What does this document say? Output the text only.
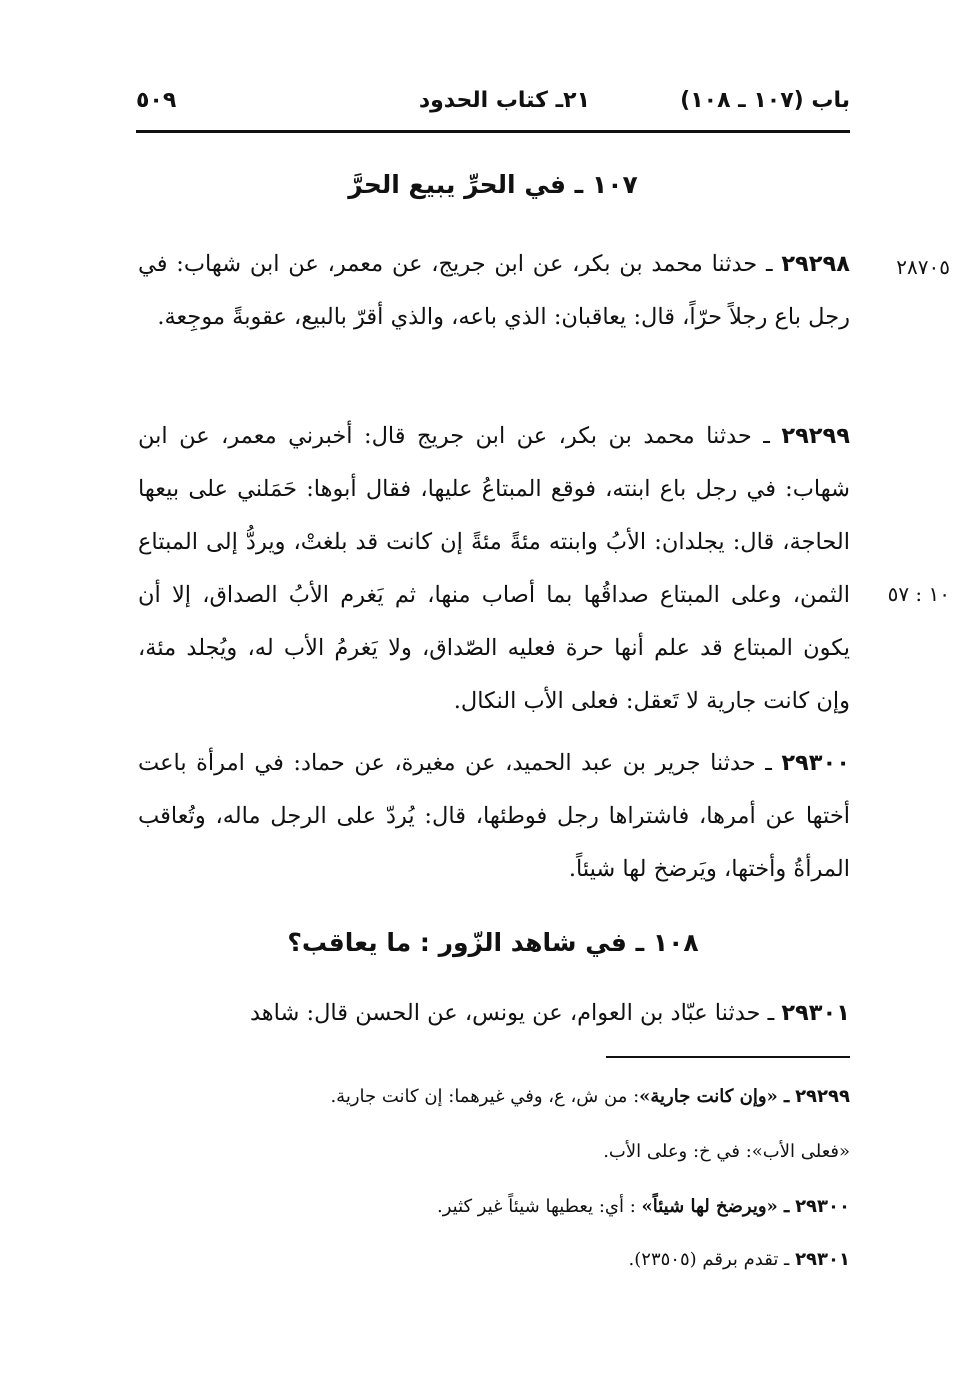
باب (١٠٧ ـ ١٠٨)
٢١ـ كتاب الحدود
٥٠٩
١٠٧ ـ في الحرِّ يبيع الحرَّ
٢٨٧٠٥
٢٩٢٩٨ ـ حدثنا محمد بن بكر، عن ابن جريج، عن معمر، عن ابن شهاب: في رجل باع رجلاً حرّاً، قال: يعاقبان: الذي باعه، والذي أقرّ بالبيع، عقوبةً موجِعة.
٢٩٢٩٩ ـ حدثنا محمد بن بكر، عن ابن جريج قال: أخبرني معمر، عن ابن شهاب: في رجل باع ابنته، فوقع المبتاعُ عليها، فقال أبوها: حَمَلني على بيعها الحاجة، قال: يجلدان: الأبُ وابنته مئةً مئةً إن كانت قد بلغتْ، ويردُّ إلى المبتاع الثمن، وعلى المبتاع صداقُها بما أصاب منها، ثم يَغرم الأبُ الصداق، إلا أن يكون المبتاع قد علم أنها حرة فعليه الصّداق، ولا يَغرمُ الأب له، ويُجلد مئة، وإن كانت جارية لا تَعقل: فعلى الأب النكال.
١٠ : ٥٧
٢٩٣٠٠ ـ حدثنا جرير بن عبد الحميد، عن مغيرة، عن حماد: في امرأة باعت أختها عن أمرها، فاشتراها رجل فوطئها، قال: يُردّ على الرجل ماله، وتُعاقب المرأةُ وأختها، ويَرضخ لها شيئاً.
١٠٨ ـ في شاهد الزّور : ما يعاقب؟
٢٩٣٠١ ـ حدثنا عبّاد بن العوام، عن يونس، عن الحسن قال: شاهد
٢٩٢٩٩ ـ «وإن كانت جارية»: من ش، ع، وفي غيرهما: إن كانت جارية.
«فعلى الأب»: في خ: وعلى الأب.
٢٩٣٠٠ ـ «ويرضخ لها شيئاً» : أي: يعطيها شيئاً غير كثير.
٢٩٣٠١ ـ تقدم برقم (٢٣٥٠٥).
